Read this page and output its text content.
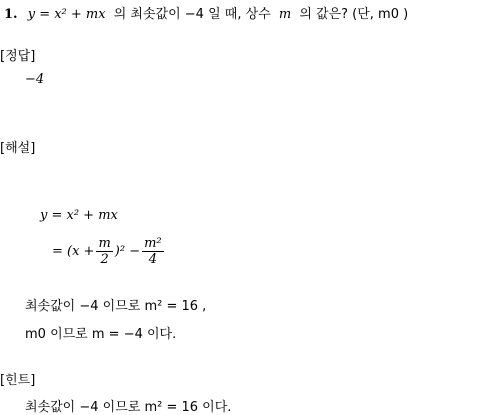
1. y = x² + mx 의 최솟값이 −4 일 때, 상수 m 의 값은? (단, m0 )
[정답]
−4
[해설]
y = x² + mx
= $(x + \frac{m}{2} )^2 - \frac{\text{m²}}{4}$
최솟값이 −4 이므로 m² = 16 ,
m0 이므로 m = −4 이다.
[힌트]
최솟값이 −4 이므로 m² = 16 이다.
